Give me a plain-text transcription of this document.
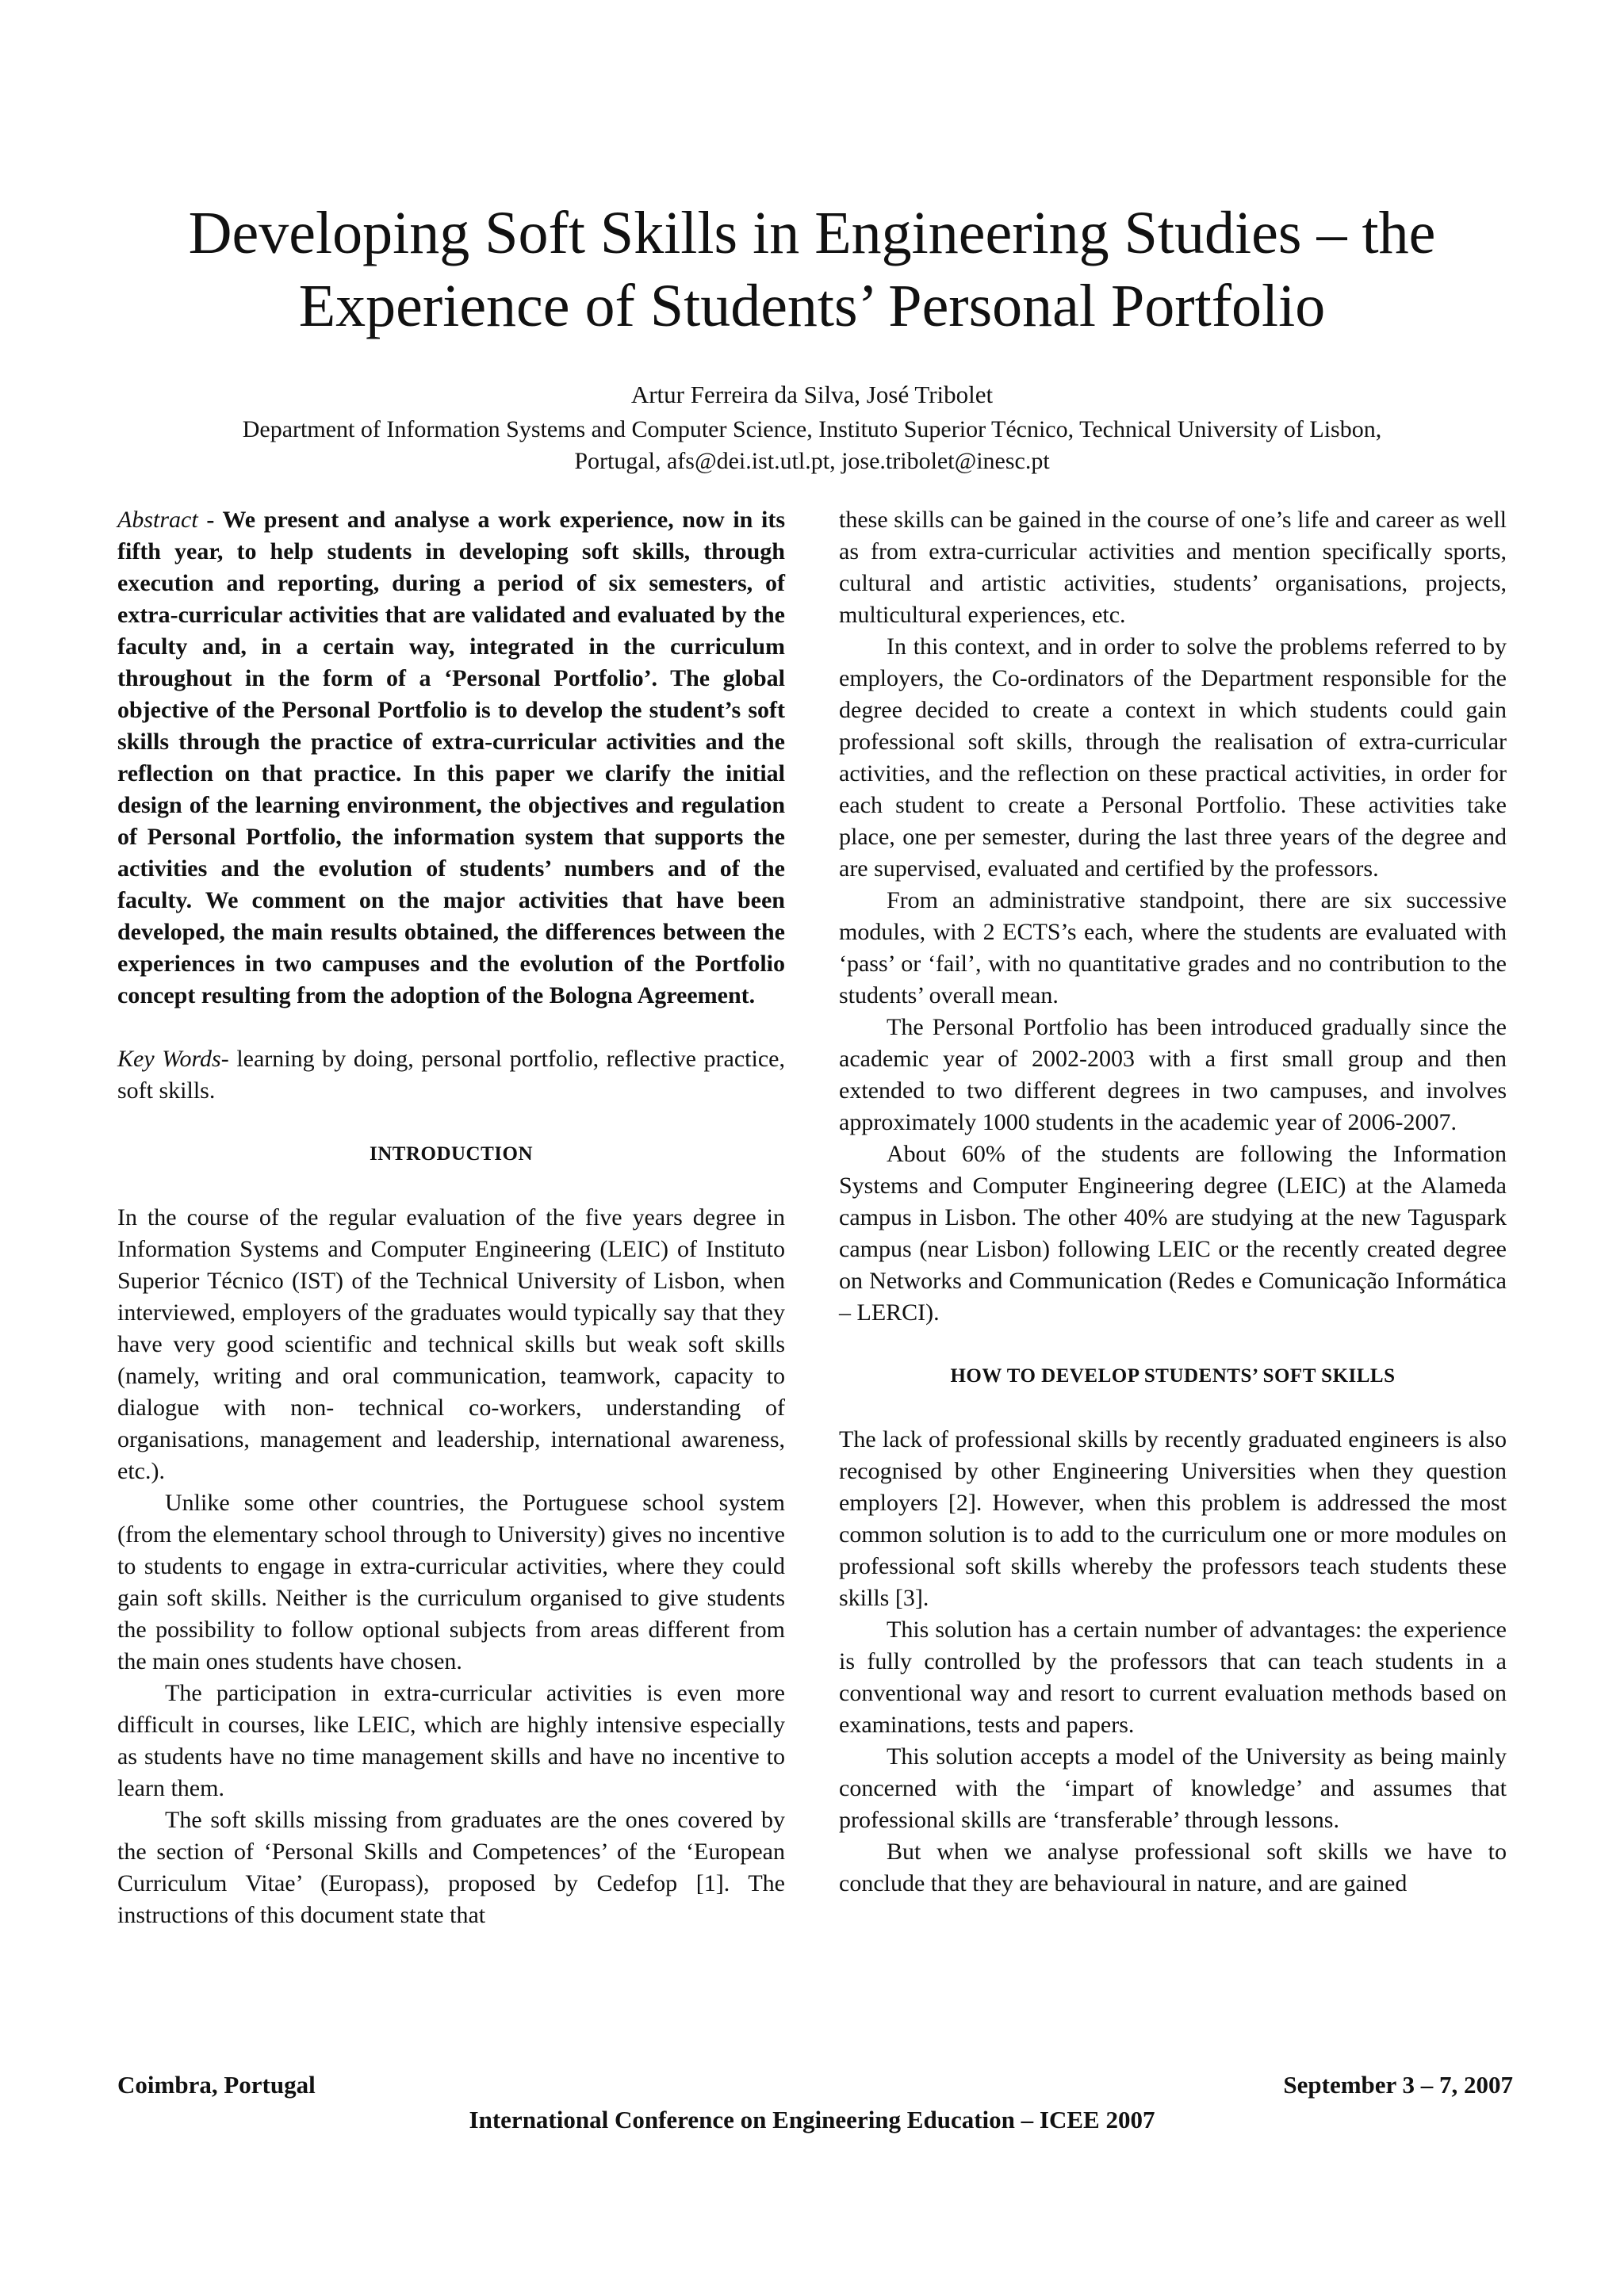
Developing Soft Skills in Engineering Studies – the
Experience of Students’ Personal Portfolio
Artur Ferreira da Silva, José Tribolet
Department of Information Systems and Computer Science, Instituto Superior Técnico, Technical University of Lisbon,
Portugal, afs@dei.ist.utl.pt, jose.tribolet@inesc.pt

Abstract - We present and analyse a work experience, now in its fifth year, to help students in developing soft skills, through execution and reporting, during a period of six semesters, of extra-curricular activities that are validated and evaluated by the faculty and, in a certain way, integrated in the curriculum throughout in the form of a ‘Personal Portfolio’. The global objective of the Personal Portfolio is to develop the student’s soft skills through the practice of extra-curricular activities and the reflection on that practice. In this paper we clarify the initial design of the learning environment, the objectives and regulation of Personal Portfolio, the information system that supports the activities and the evolution of students’ numbers and of the faculty. We comment on the major activities that have been developed, the main results obtained, the differences between the experiences in two campuses and the evolution of the Portfolio concept resulting from the adoption of the Bologna Agreement.

Key Words- learning by doing, personal portfolio, reflective practice, soft skills.

INTRODUCTION

In the course of the regular evaluation of the five years degree in Information Systems and Computer Engineering (LEIC) of Instituto Superior Técnico (IST) of the Technical University of Lisbon, when interviewed, employers of the graduates would typically say that they have very good scientific and technical skills but weak soft skills (namely, writing and oral communication, teamwork, capacity to dialogue with non- technical co-workers, understanding of organisations, management and leadership, international awareness, etc.).

Unlike some other countries, the Portuguese school system (from the elementary school through to University) gives no incentive to students to engage in extra-curricular activities, where they could gain soft skills. Neither is the curriculum organised to give students the possibility to follow optional subjects from areas different from the main ones students have chosen.

The participation in extra-curricular activities is even more difficult in courses, like LEIC, which are highly intensive especially as students have no time management skills and have no incentive to learn them.

The soft skills missing from graduates are the ones covered by the section of ‘Personal Skills and Competences’ of the ‘European Curriculum Vitae’ (Europass), proposed by Cedefop [1]. The instructions of this document state that

these skills can be gained in the course of one’s life and career as well as from extra-curricular activities and mention specifically sports, cultural and artistic activities, students’ organisations, projects, multicultural experiences, etc.

In this context, and in order to solve the problems referred to by employers, the Co-ordinators of the Department responsible for the degree decided to create a context in which students could gain professional soft skills, through the realisation of extra-curricular activities, and the reflection on these practical activities, in order for each student to create a Personal Portfolio. These activities take place, one per semester, during the last three years of the degree and are supervised, evaluated and certified by the professors.

From an administrative standpoint, there are six successive modules, with 2 ECTS’s each, where the students are evaluated with ‘pass’ or ‘fail’, with no quantitative grades and no contribution to the students’ overall mean.

The Personal Portfolio has been introduced gradually since the academic year of 2002-2003 with a first small group and then extended to two different degrees in two campuses, and involves approximately 1000 students in the academic year of 2006-2007.

About 60% of the students are following the Information Systems and Computer Engineering degree (LEIC) at the Alameda campus in Lisbon. The other 40% are studying at the new Taguspark campus (near Lisbon) following LEIC or the recently created degree on Networks and Communication (Redes e Comunicação Informática – LERCI).

HOW TO DEVELOP STUDENTS’ SOFT SKILLS

The lack of professional skills by recently graduated engineers is also recognised by other Engineering Universities when they question employers [2]. However, when this problem is addressed the most common solution is to add to the curriculum one or more modules on professional soft skills whereby the professors teach students these skills [3].

This solution has a certain number of advantages: the experience is fully controlled by the professors that can teach students in a conventional way and resort to current evaluation methods based on examinations, tests and papers.

This solution accepts a model of the University as being mainly concerned with the ‘impart of knowledge’ and assumes that professional skills are ‘transferable’ through lessons.

But when we analyse professional soft skills we have to conclude that they are behavioural in nature, and are gained

Coimbra, Portugal	September 3 – 7, 2007
International Conference on Engineering Education – ICEE 2007
